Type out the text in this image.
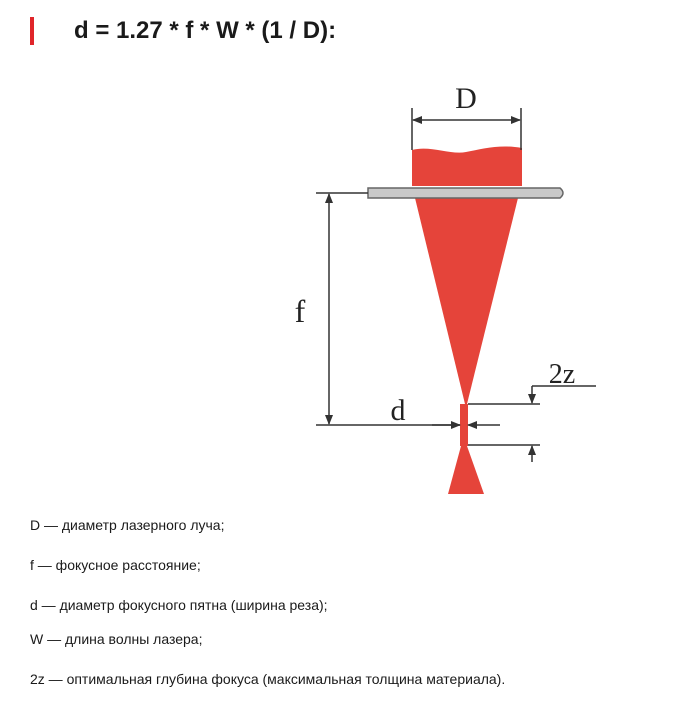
d = 1.27 * f * W * (1 / D):
D
f
d
2z
D — диаметр лазерного луча;
f — фокусное расстояние;
d — диаметр фокусного пятна (ширина реза);
W — длина волны лазера;
2z — оптимальная глубина фокуса (максимальная толщина материала).
